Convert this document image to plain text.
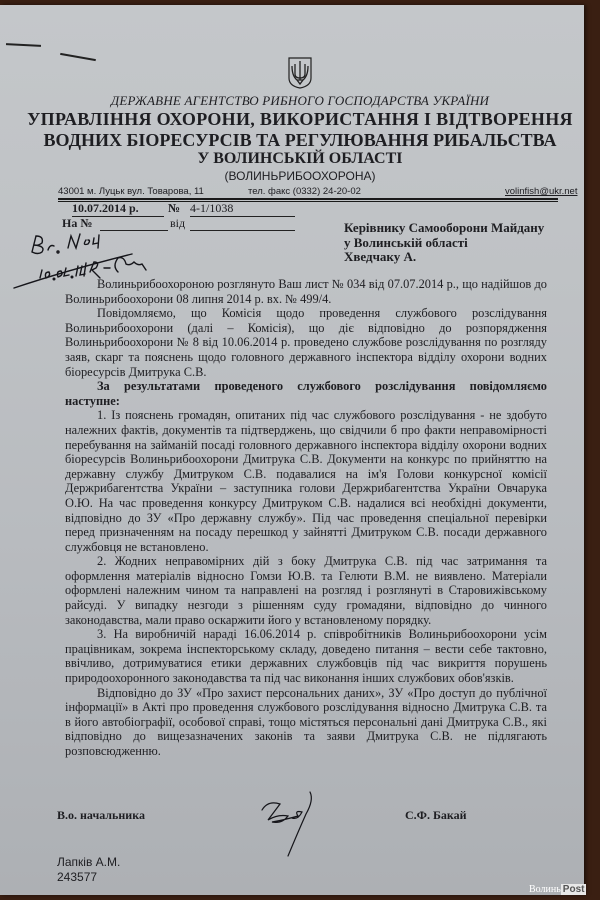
ДЕРЖАВНЕ АГЕНТСТВО РИБНОГО ГОСПОДАРСТВА УКРАЇНИ
УПРАВЛІННЯ ОХОРОНИ, ВИКОРИСТАННЯ І ВІДТВОРЕННЯ
ВОДНИХ БІОРЕСУРСІВ ТА РЕГУЛЮВАННЯ РИБАЛЬСТВА
У ВОЛИНСЬКІЙ ОБЛАСТІ
(ВОЛИНЬРИБООХОРОНА)
43001 м. Луцьк вул. Товарова, 11	тел. факс (0332) 24-20-02	volinfish@ukr.net
10.07.2014 р.	№ 4-1/1038
На №	від	Керівнику Самооборони Майдану
у Волинській області
Хведчаку А.

Волиньрибоохороною розглянуто Ваш лист № 034 від 07.07.2014 р., що надійшов до Волиньрибоохорони 08 липня 2014 р. вх. № 499/4.

Повідомляємо, що Комісія щодо проведення службового розслідування Волиньрибоохорони (далі – Комісія), що діє відповідно до розпорядження Волиньрибоохорони № 8 від 10.06.2014 р. проведено службове розслідування по розгляду заяв, скарг та пояснень щодо головного державного інспектора відділу охорони водних біоресурсів Дмитрука С.В.

За результатами проведеного службового розслідування повідомляємо наступне:

1. Із пояснень громадян, опитаних під час службового розслідування - не здобуто належних фактів, документів та підтверджень, що свідчили б про факти неправомірності перебування на займаній посаді головного державного інспектора відділу охорони водних біоресурсів Волиньрибоохорони Дмитрука С.В. Документи на конкурс по прийняттю на державну службу Дмитруком С.В. подавалися на ім'я Голови конкурсної комісії Держрибагентства України – заступника голови Держрибагентства України Овчарука О.Ю. На час проведення конкурсу Дмитруком С.В. надалися всі необхідні документи, відповідно до ЗУ «Про державну службу». Під час проведення спеціальної перевірки перед призначенням на посаду перешкод у зайнятті Дмитруком С.В. посади державного службовця не встановлено.

2. Жодних неправомірних дій з боку Дмитрука С.В. під час затримання та оформлення матеріалів відносно Гомзи Ю.В. та Гелюти В.М. не виявлено. Матеріали оформлені належним чином та направлені на розгляд і розглянуті в Старовижівському райсуді. У випадку незгоди з рішенням суду громадяни, відповідно до чинного законодавства, мали право оскаржити його у встановленому порядку.

3. На виробничій нараді 16.06.2014 р. співробітників Волиньрибоохорони усім працівникам, зокрема інспекторському складу, доведено питання – вести себе тактовно, ввічливо, дотримуватися етики державних службовців під час викриття порушень природоохоронного законодавства та під час виконання інших службових обов'язків.

Відповідно до ЗУ «Про захист персональних даних», ЗУ «Про доступ до публічної інформації» в Акті про проведення службового розслідування відносно Дмитрука С.В. та в його автобіографії, особової справі, тощо містяться персональні дані Дмитрука С.В., які відповідно до вищезазначених законів та заяви Дмитрука С.В. не підлягають розповсюдженню.

В.о. начальника	С.Ф. Бакай
Лапків А.М.
243577
Волинь Post
